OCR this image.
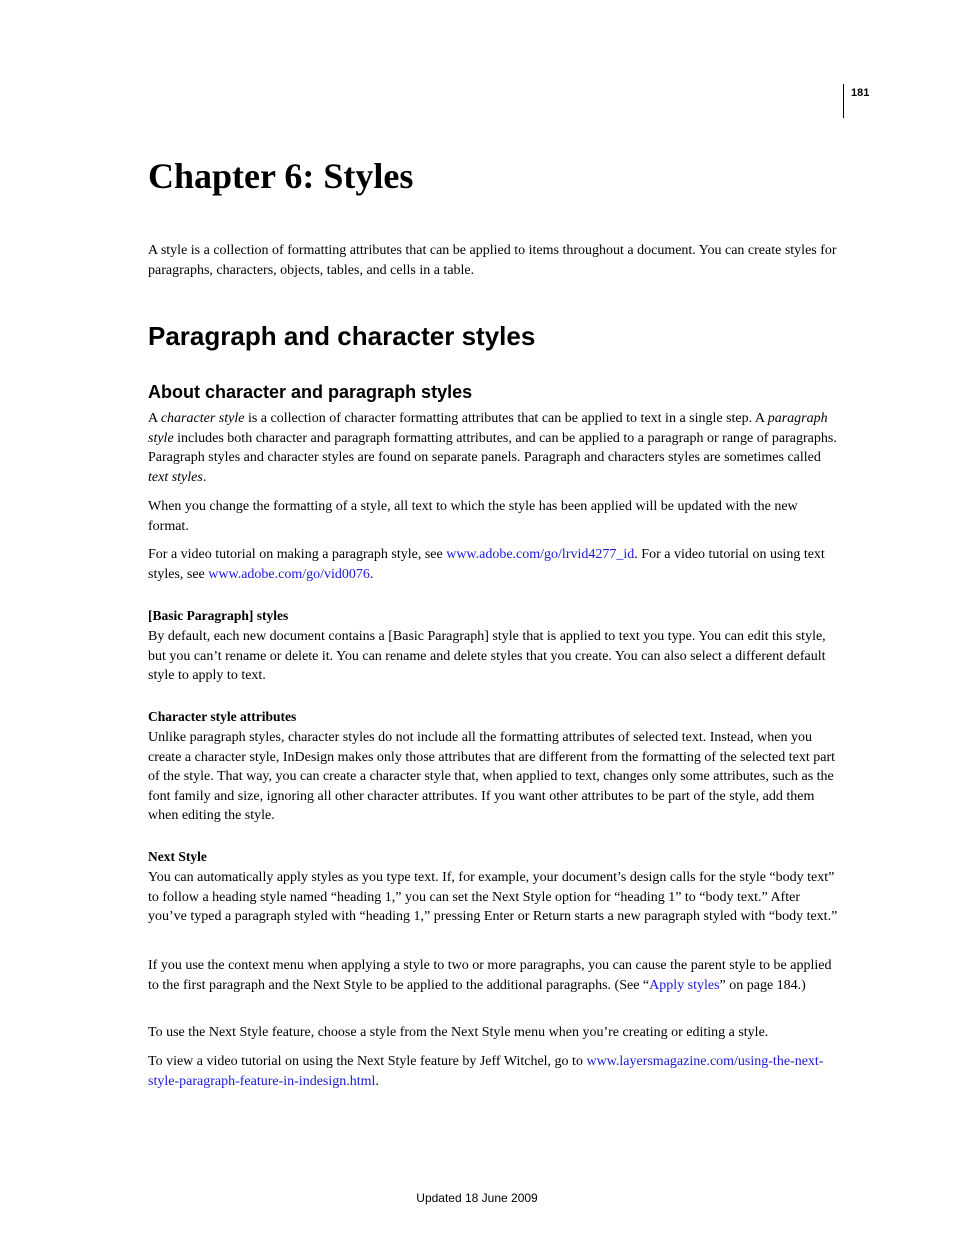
181
Chapter 6: Styles

A style is a collection of formatting attributes that can be applied to items throughout a document. You can create styles for paragraphs, characters, objects, tables, and cells in a table.

Paragraph and character styles
About character and paragraph styles

A character style is a collection of character formatting attributes that can be applied to text in a single step. A paragraph style includes both character and paragraph formatting attributes, and can be applied to a paragraph or range of paragraphs. Paragraph styles and character styles are found on separate panels. Paragraph and characters styles are sometimes called text styles.

When you change the formatting of a style, all text to which the style has been applied will be updated with the new format.

For a video tutorial on making a paragraph style, see www.adobe.com/go/lrvid4277_id. For a video tutorial on using text styles, see www.adobe.com/go/vid0076.

[Basic Paragraph] styles

By default, each new document contains a [Basic Paragraph] style that is applied to text you type. You can edit this style, but you can’t rename or delete it. You can rename and delete styles that you create. You can also select a different default style to apply to text.

Character style attributes

Unlike paragraph styles, character styles do not include all the formatting attributes of selected text. Instead, when you create a character style, InDesign makes only those attributes that are different from the formatting of the selected text part of the style. That way, you can create a character style that, when applied to text, changes only some attributes, such as the font family and size, ignoring all other character attributes. If you want other attributes to be part of the style, add them when editing the style.

Next Style

You can automatically apply styles as you type text. If, for example, your document’s design calls for the style “body text” to follow a heading style named “heading 1,” you can set the Next Style option for “heading 1” to “body text.” After you’ve typed a paragraph styled with “heading 1,” pressing Enter or Return starts a new paragraph styled with “body text.”

If you use the context menu when applying a style to two or more paragraphs, you can cause the parent style to be applied to the first paragraph and the Next Style to be applied to the additional paragraphs. (See “Apply styles” on page 184.)

To use the Next Style feature, choose a style from the Next Style menu when you’re creating or editing a style.

To view a video tutorial on using the Next Style feature by Jeff Witchel, go to www.layersmagazine.com/using-the-next-style-paragraph-feature-in-indesign.html.

Updated 18 June 2009
